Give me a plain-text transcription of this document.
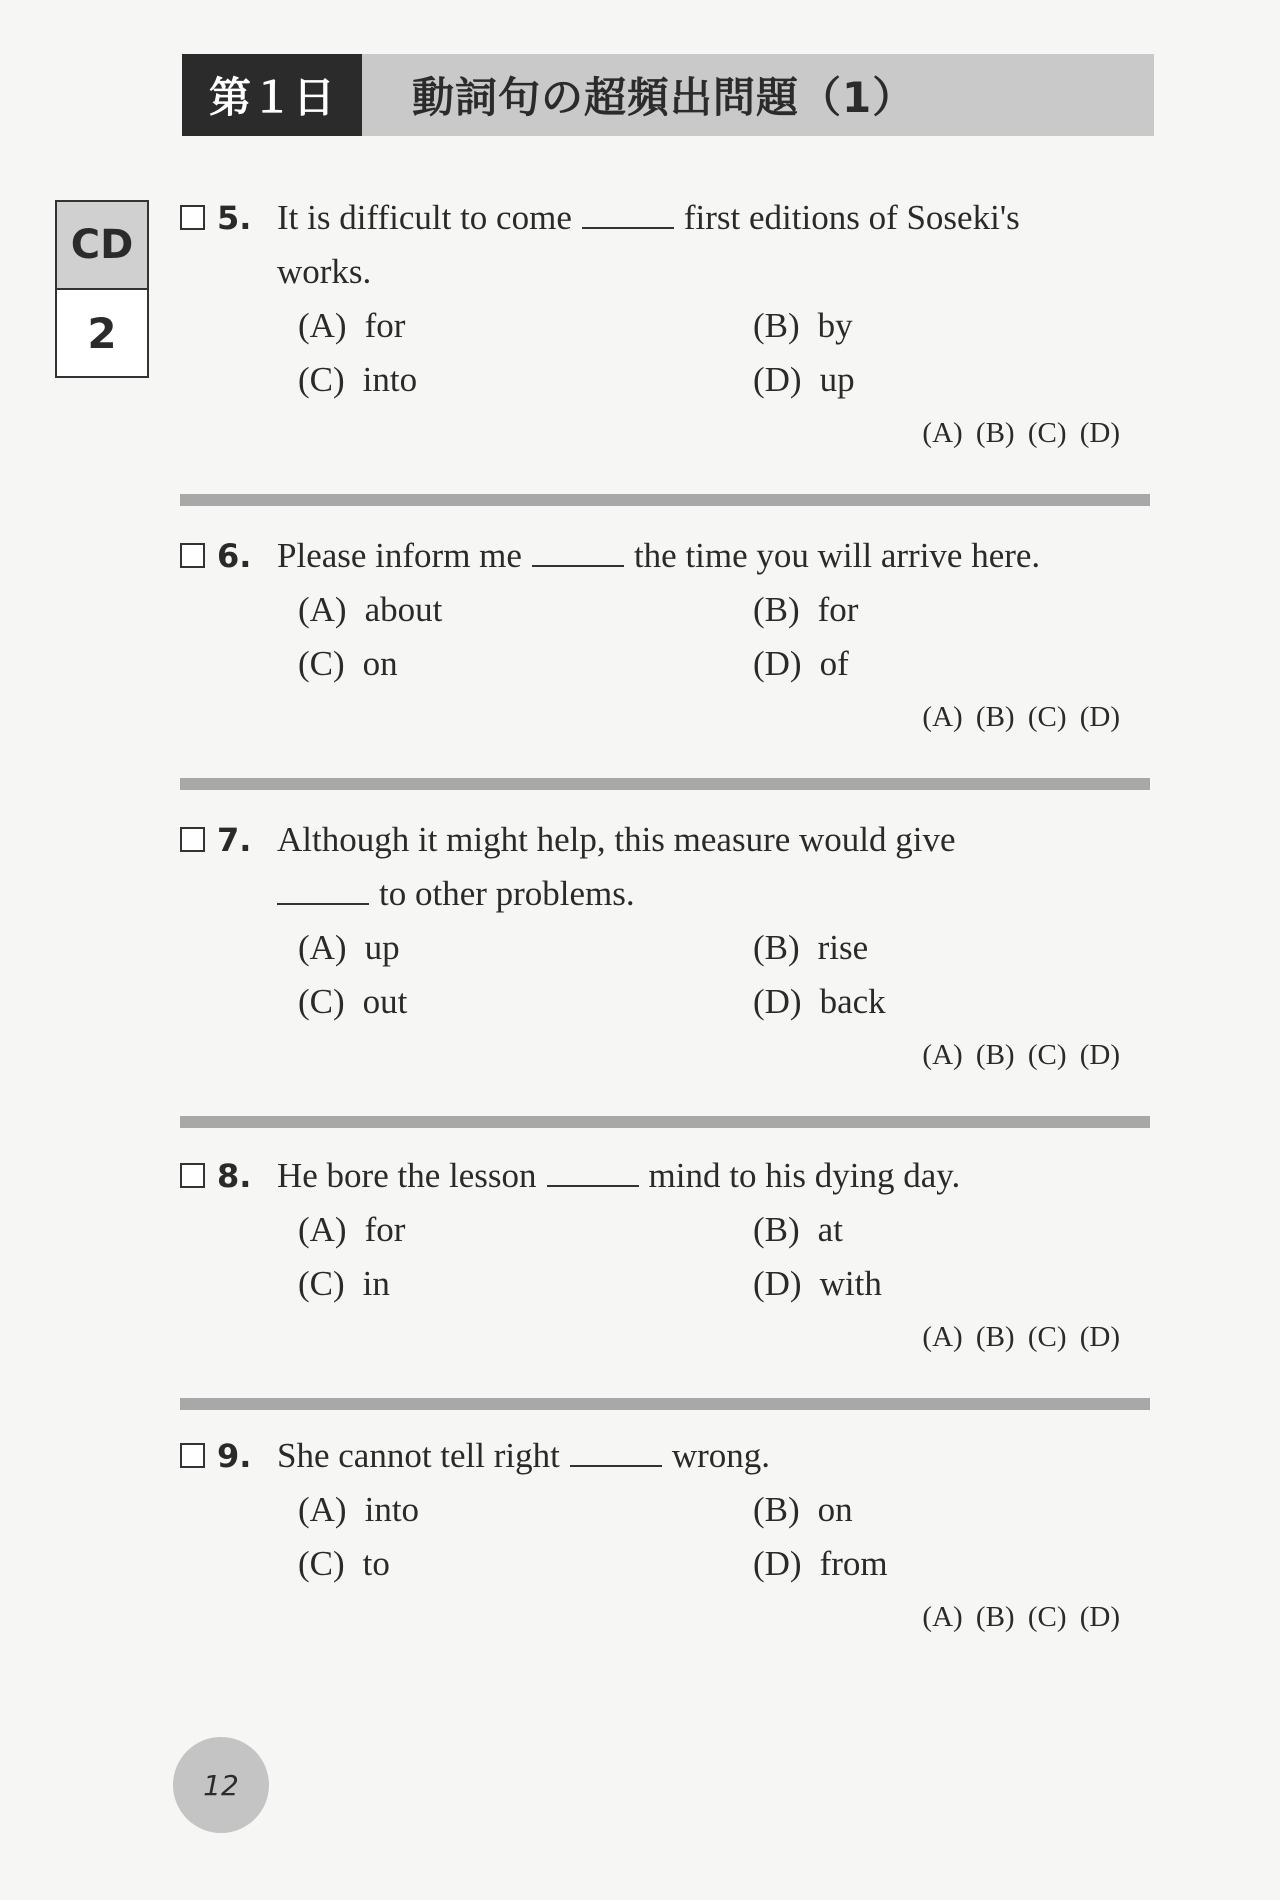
第１日	動詞句の超頻出問題（1）
CD
2
5. It is difficult to come	first editions of Soseki's works.
(A) for	(B) by
(C) into	(D) up
(A) (B) (C) (D)
6. Please inform me	the time you will arrive here.
(A) about	(B) for
(C) on	(D) of
(A) (B) (C) (D)
7. Although it might help, this measure would give
to other problems.
(A) up	(B) rise
(C) out	(D) back
(A) (B) (C) (D)
8. He bore the lesson	mind to his dying day.
(A) for	(B) at
(C) in	(D) with
(A) (B) (C) (D)
9. She cannot tell right	wrong.
(A) into	(B) on
(C) to	(D) from
(A) (B) (C) (D)
12
